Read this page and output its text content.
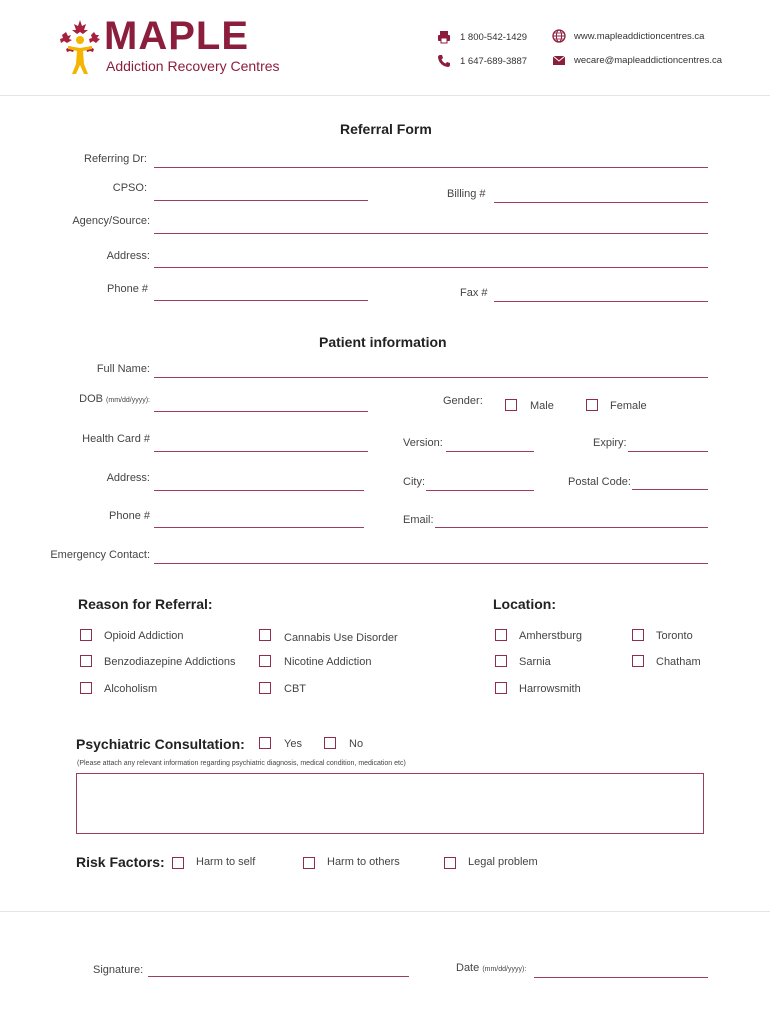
MAPLE
Addiction Recovery Centres
1 800-542-1429
1 647-689-3887
www.mapleaddictioncentres.ca
wecare@mapleaddictioncentres.ca
Referral Form
Referring Dr:
CPSO:	Billing #
Agency/Source:
Address:
Phone #	Fax #
Patient information
Full Name:
DOB (mm/dd/yyyy):	Gender:	Male	Female
Health Card #	Version:	Expiry:
Address:	City:	Postal Code:
Phone #	Email:
Emergency Contact:
Reason for Referral:	Location:
Opioid Addiction	Cannabis Use Disorder
Benzodiazepine Addictions	Nicotine Addiction
Alcoholism	CBT
Amherstburg	Toronto
Sarnia	Chatham
Harrowsmith
Psychiatric Consultation:	Yes	No
(Please attach any relevant information regarding psychiatric diagnosis, medical condition, medication etc)
Risk Factors:	Harm to self	Harm to others	Legal problem
Signature:	Date (mm/dd/yyyy):
